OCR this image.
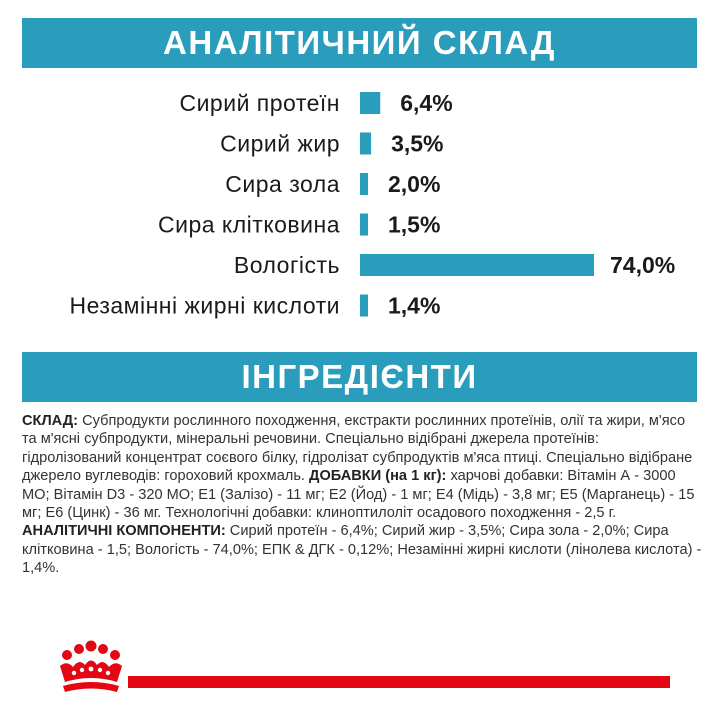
АНАЛІТИЧНИЙ СКЛАД
Сирий протеїн	6,4%
Сирий жир 3,5%
Сира зола 2,0%
Сира клітковина 1,5%
Вологість	74,0%
Незамінні жирні кислоти 1,4%
ІНГРЕДІЄНТИ
СКЛАД: Субпродукти рослинного походження, екстракти рослинних протеїнів, олії та жири, м'ясо та м'ясні субпродукти, мінеральні речовини. Спеціально відібрані джерела протеїнів: гідролізований концентрат соєвого білку, гідролізат субпродуктів м'яса птиці. Спеціально відібране джерело вуглеводів: гороховий крохмаль. ДОБАВКИ (на 1 кг): харчові добавки: Вітамін А - 3000 МО; Вітамін D3 - 320 МО; Е1 (Залізо) - 11 мг; Е2 (Йод) - 1 мг; Е4 (Мідь) - 3,8 мг; Е5 (Марганець) - 15 мг; Е6 (Цинк) - 36 мг. Технологічні добавки: клиноптилоліт осадового походження - 2,5 г. АНАЛІТИЧНІ КОМПОНЕНТИ: Сирий протеїн - 6,4%; Сирий жир - 3,5%; Сира зола - 2,0%; Сира клітковина - 1,5; Вологість - 74,0%; ЕПК & ДГК - 0,12%; Незамінні жирні кислоти (лінолева кислота) - 1,4%.
